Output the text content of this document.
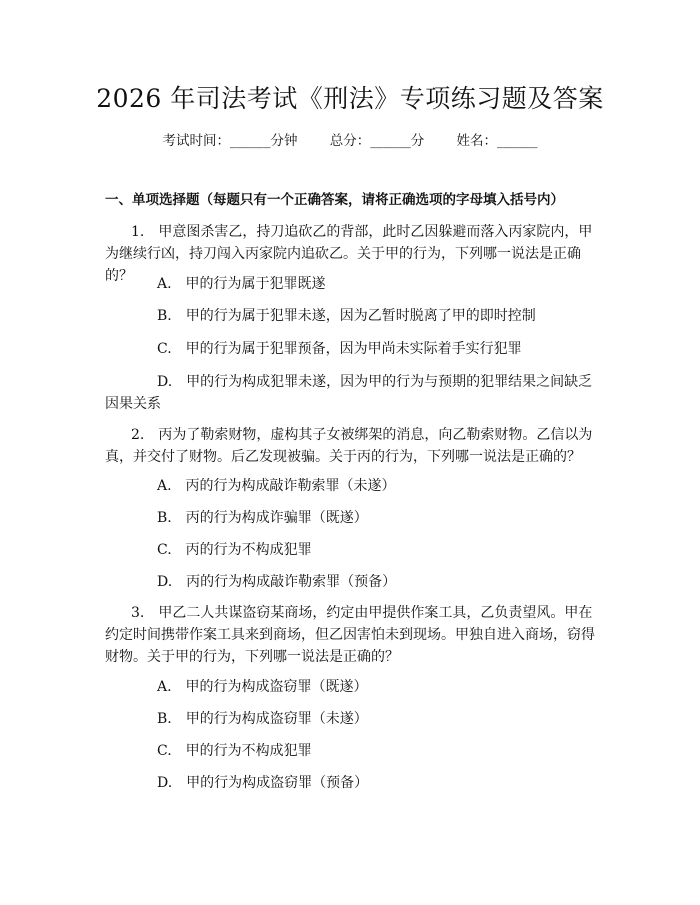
2026 年司法考试《刑法》专项练习题及答案
考试时间：______分钟 总分：______分 姓名：______
一、单项选择题（每题只有一个正确答案，请将正确选项的字母填入括号内）
1.　甲意图杀害乙，持刀追砍乙的背部，此时乙因躲避而落入丙家院内，甲为继续行凶，持刀闯入丙家院内追砍乙。关于甲的行为，下列哪一说法是正确的？	A.　甲的行为属于犯罪既遂
B.　甲的行为属于犯罪未遂，因为乙暂时脱离了甲的即时控制
C.　甲的行为属于犯罪预备，因为甲尚未实际着手实行犯罪
D.　甲的行为构成犯罪未遂，因为甲的行为与预期的犯罪结果之间缺乏因果关系
2.　丙为了勒索财物，虚构其子女被绑架的消息，向乙勒索财物。乙信以为真，并交付了财物。后乙发现被骗。关于丙的行为，下列哪一说法是正确的？
A.　丙的行为构成敲诈勒索罪（未遂）
B.　丙的行为构成诈骗罪（既遂）
C.　丙的行为不构成犯罪
D.　丙的行为构成敲诈勒索罪（预备）
3.　甲乙二人共谋盗窃某商场，约定由甲提供作案工具，乙负责望风。甲在约定时间携带作案工具来到商场，但乙因害怕未到现场。甲独自进入商场，窃得财物。关于甲的行为，下列哪一说法是正确的？
A.　甲的行为构成盗窃罪（既遂）
B.　甲的行为构成盗窃罪（未遂）
C.　甲的行为不构成犯罪
D.　甲的行为构成盗窃罪（预备）
